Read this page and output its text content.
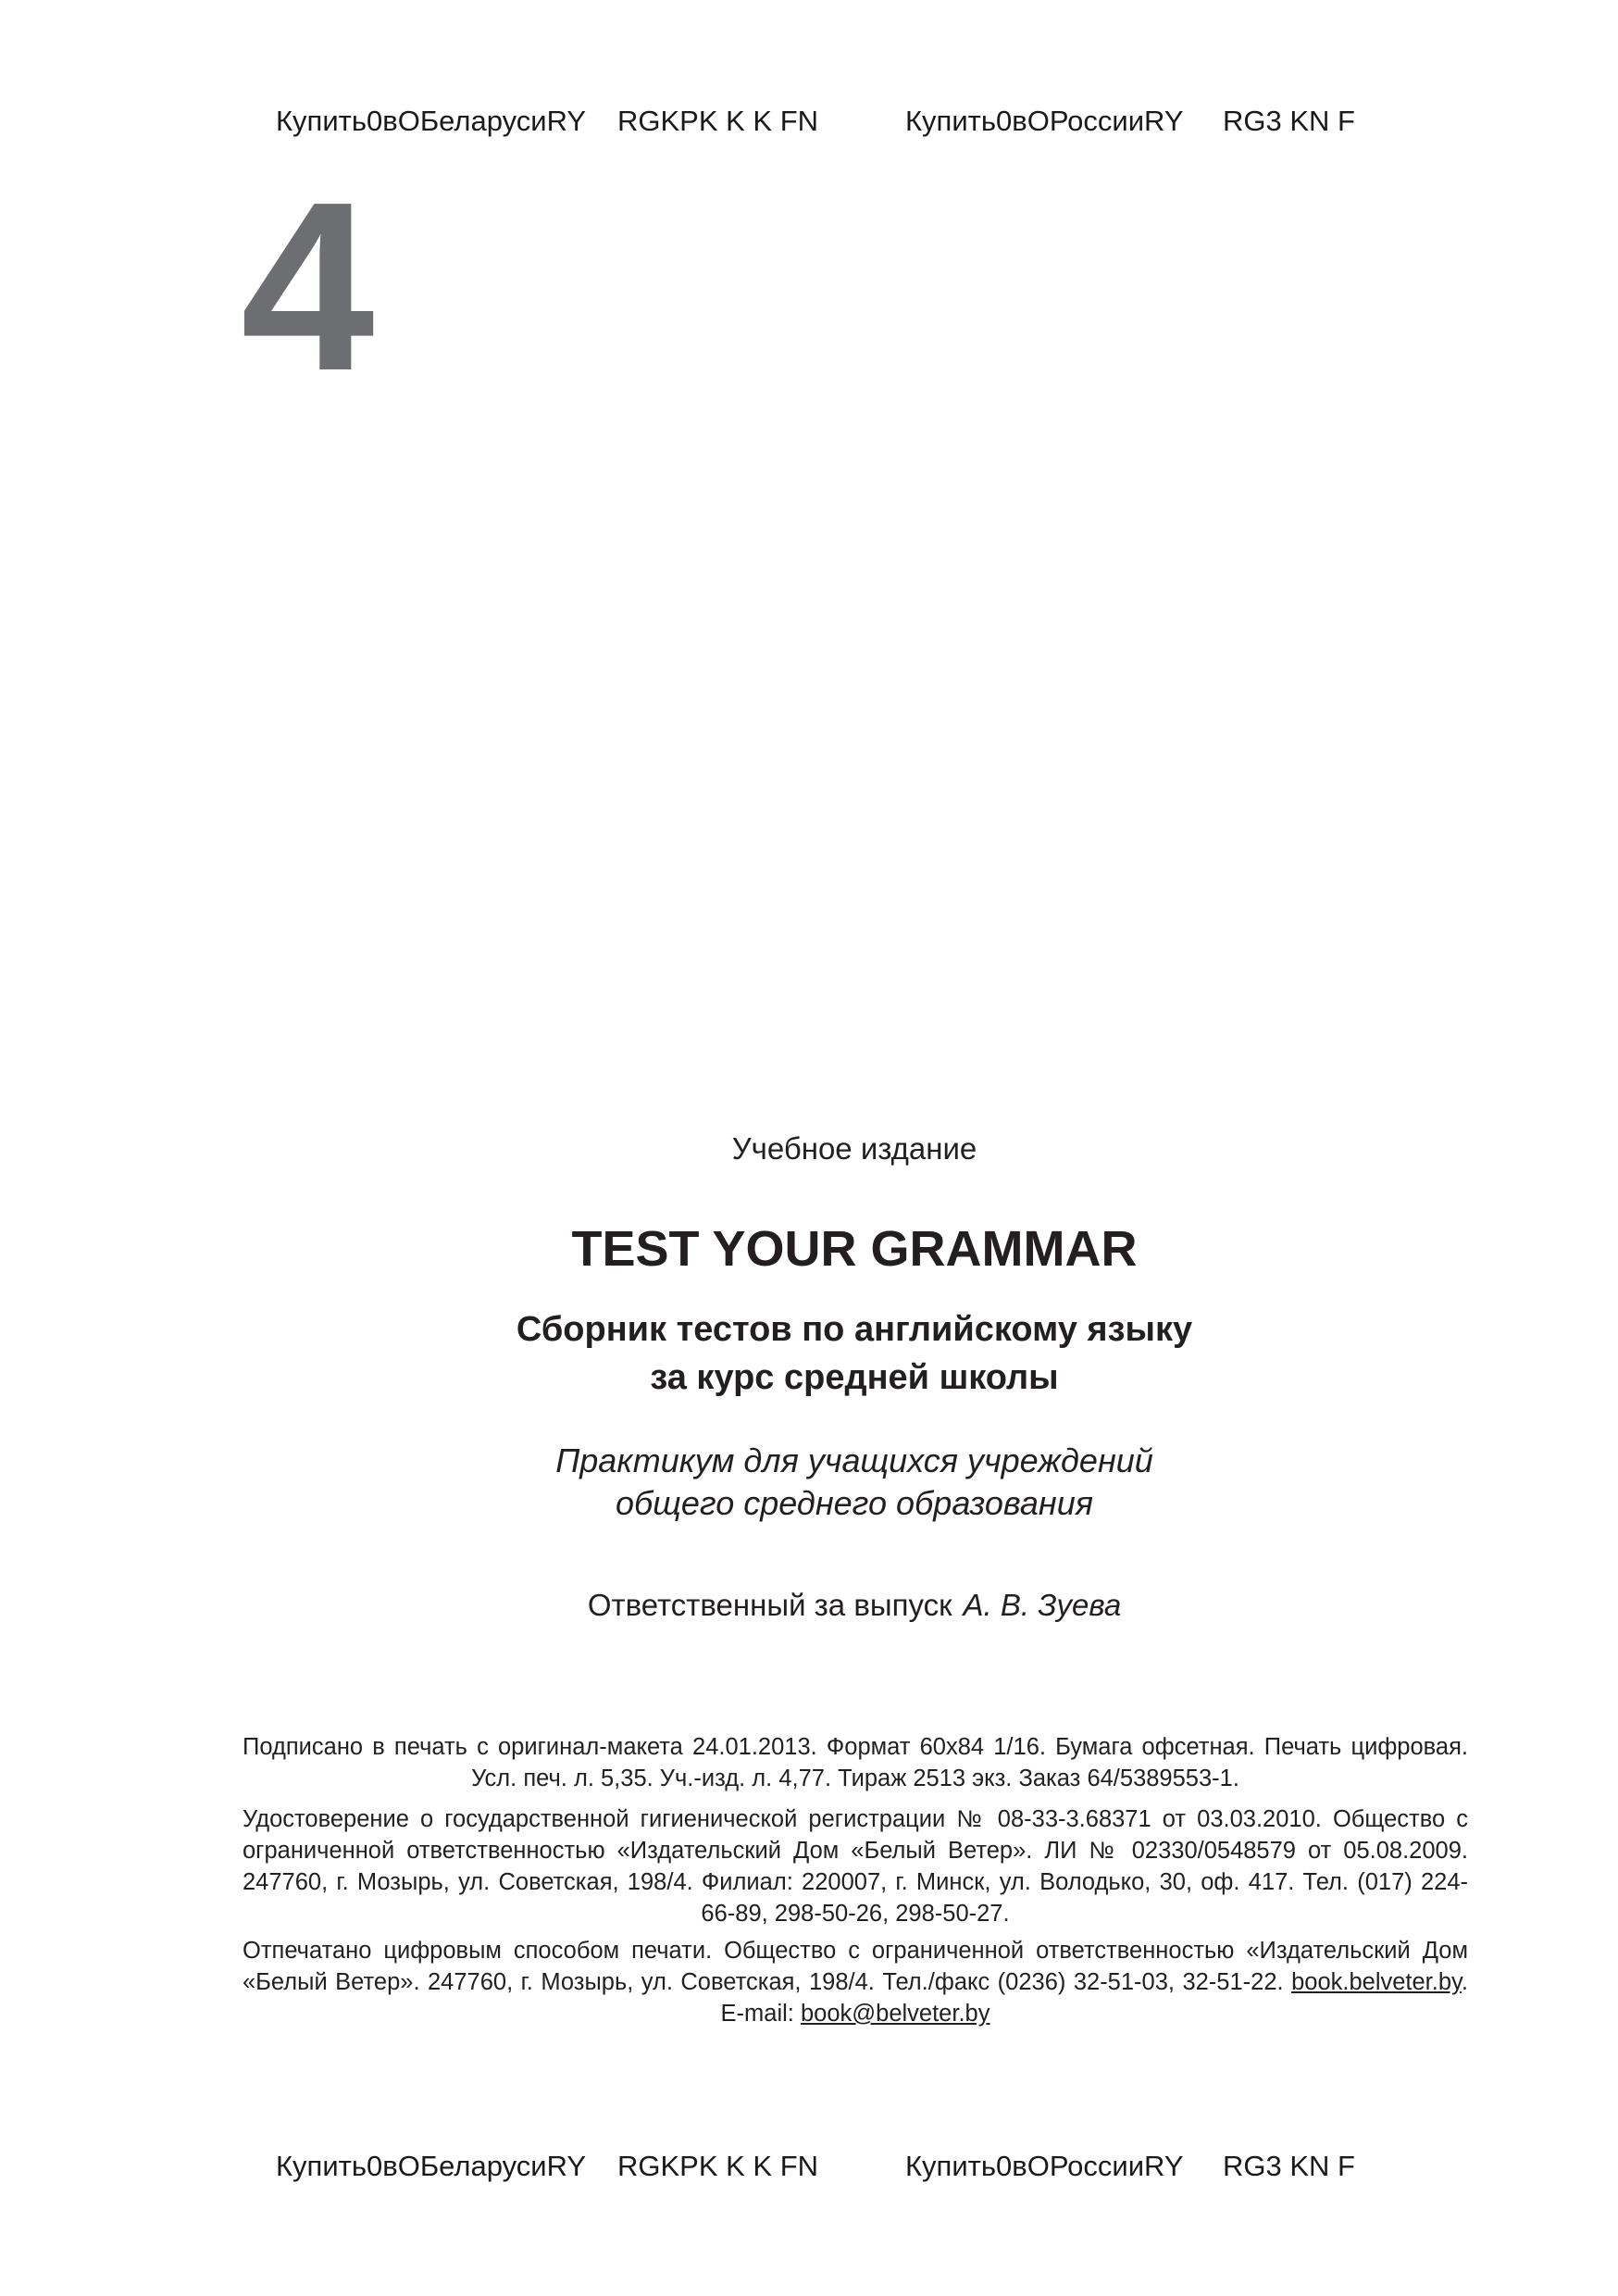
Купить0вОБеларусиRY    RGKPK K K FN	Купить0вОРоссииRY     RG3 KN F
4
Учебное издание
TEST YOUR GRAMMAR
Сборник тестов по английскому языку
за курс средней школы
Практикум для учащихся учреждений
общего среднего образования
Ответственный за выпуск А. В. Зуева
Подписано в печать с оригинал-макета 24.01.2013. Формат 60х84 1/16. Бумага офсетная. Печать цифровая. Усл. печ. л. 5,35. Уч.-изд. л. 4,77. Тираж 2513 экз. Заказ 64/5389553-1.
Удостоверение о государственной гигиенической регистрации № 08-33-3.68371 от 03.03.2010. Общество с ограниченной ответственностью «Издательский Дом «Белый Ветер». ЛИ № 02330/0548579 от 05.08.2009. 247760, г. Мозырь, ул. Советская, 198/4. Филиал: 220007, г. Минск, ул. Володько, 30, оф. 417. Тел. (017) 224-66-89, 298-50-26, 298-50-27.
Отпечатано цифровым способом печати. Общество с ограниченной ответственностью «Издательский Дом «Белый Ветер». 247760, г. Мозырь, ул. Советская, 198/4. Тел./факс (0236) 32-51-03, 32-51-22. book.belveter.by. E-mail: book@belveter.by
Купить0вОБеларусиRY    RGKPK K K FN	Купить0вОРоссииRY     RG3 KN F
